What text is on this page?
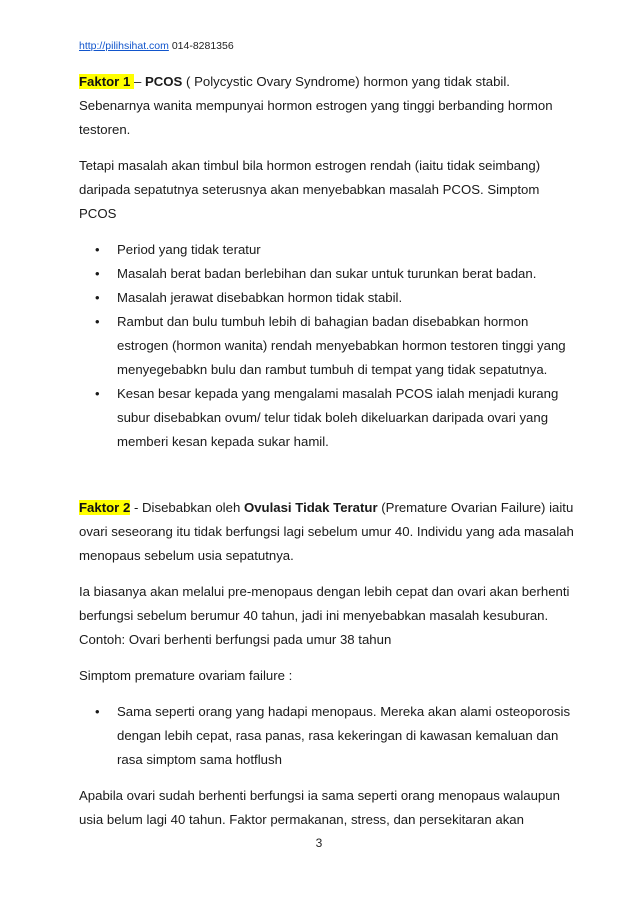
http://pilihsihat.com 014-8281356

Faktor 1 – PCOS ( Polycystic Ovary Syndrome) hormon yang tidak stabil. Sebenarnya wanita mempunyai hormon estrogen yang tinggi berbanding hormon testoren.

Tetapi masalah akan timbul bila hormon estrogen rendah (iaitu tidak seimbang) daripada sepatutnya seterusnya akan menyebabkan masalah PCOS. Simptom PCOS

• Period yang tidak teratur
• Masalah berat badan berlebihan dan sukar untuk turunkan berat badan.
• Masalah jerawat disebabkan hormon tidak stabil.
• Rambut dan bulu tumbuh lebih di bahagian badan disebabkan hormon estrogen (hormon wanita) rendah menyebabkan hormon testoren tinggi yang menyegebabkn bulu dan rambut tumbuh di tempat yang tidak sepatutnya.
• Kesan besar kepada yang mengalami masalah PCOS ialah menjadi kurang subur disebabkan ovum/ telur tidak boleh dikeluarkan daripada ovari yang memberi kesan kepada sukar hamil.

Faktor 2 - Disebabkan oleh Ovulasi Tidak Teratur (Premature Ovarian Failure) iaitu ovari seseorang itu tidak berfungsi lagi sebelum umur 40. Individu yang ada masalah menopaus sebelum usia sepatutnya.

Ia biasanya akan melalui pre-menopaus dengan lebih cepat dan ovari akan berhenti berfungsi sebelum berumur 40 tahun, jadi ini menyebabkan masalah kesuburan. Contoh: Ovari berhenti berfungsi pada umur 38 tahun

Simptom premature ovariam failure :

• Sama seperti orang yang hadapi menopaus. Mereka akan alami osteoporosis dengan lebih cepat, rasa panas, rasa kekeringan di kawasan kemaluan dan rasa simptom sama hotflush

Apabila ovari sudah berhenti berfungsi ia sama seperti orang menopaus walaupun usia belum lagi 40 tahun. Faktor permakanan, stress, dan persekitaran akan

3
